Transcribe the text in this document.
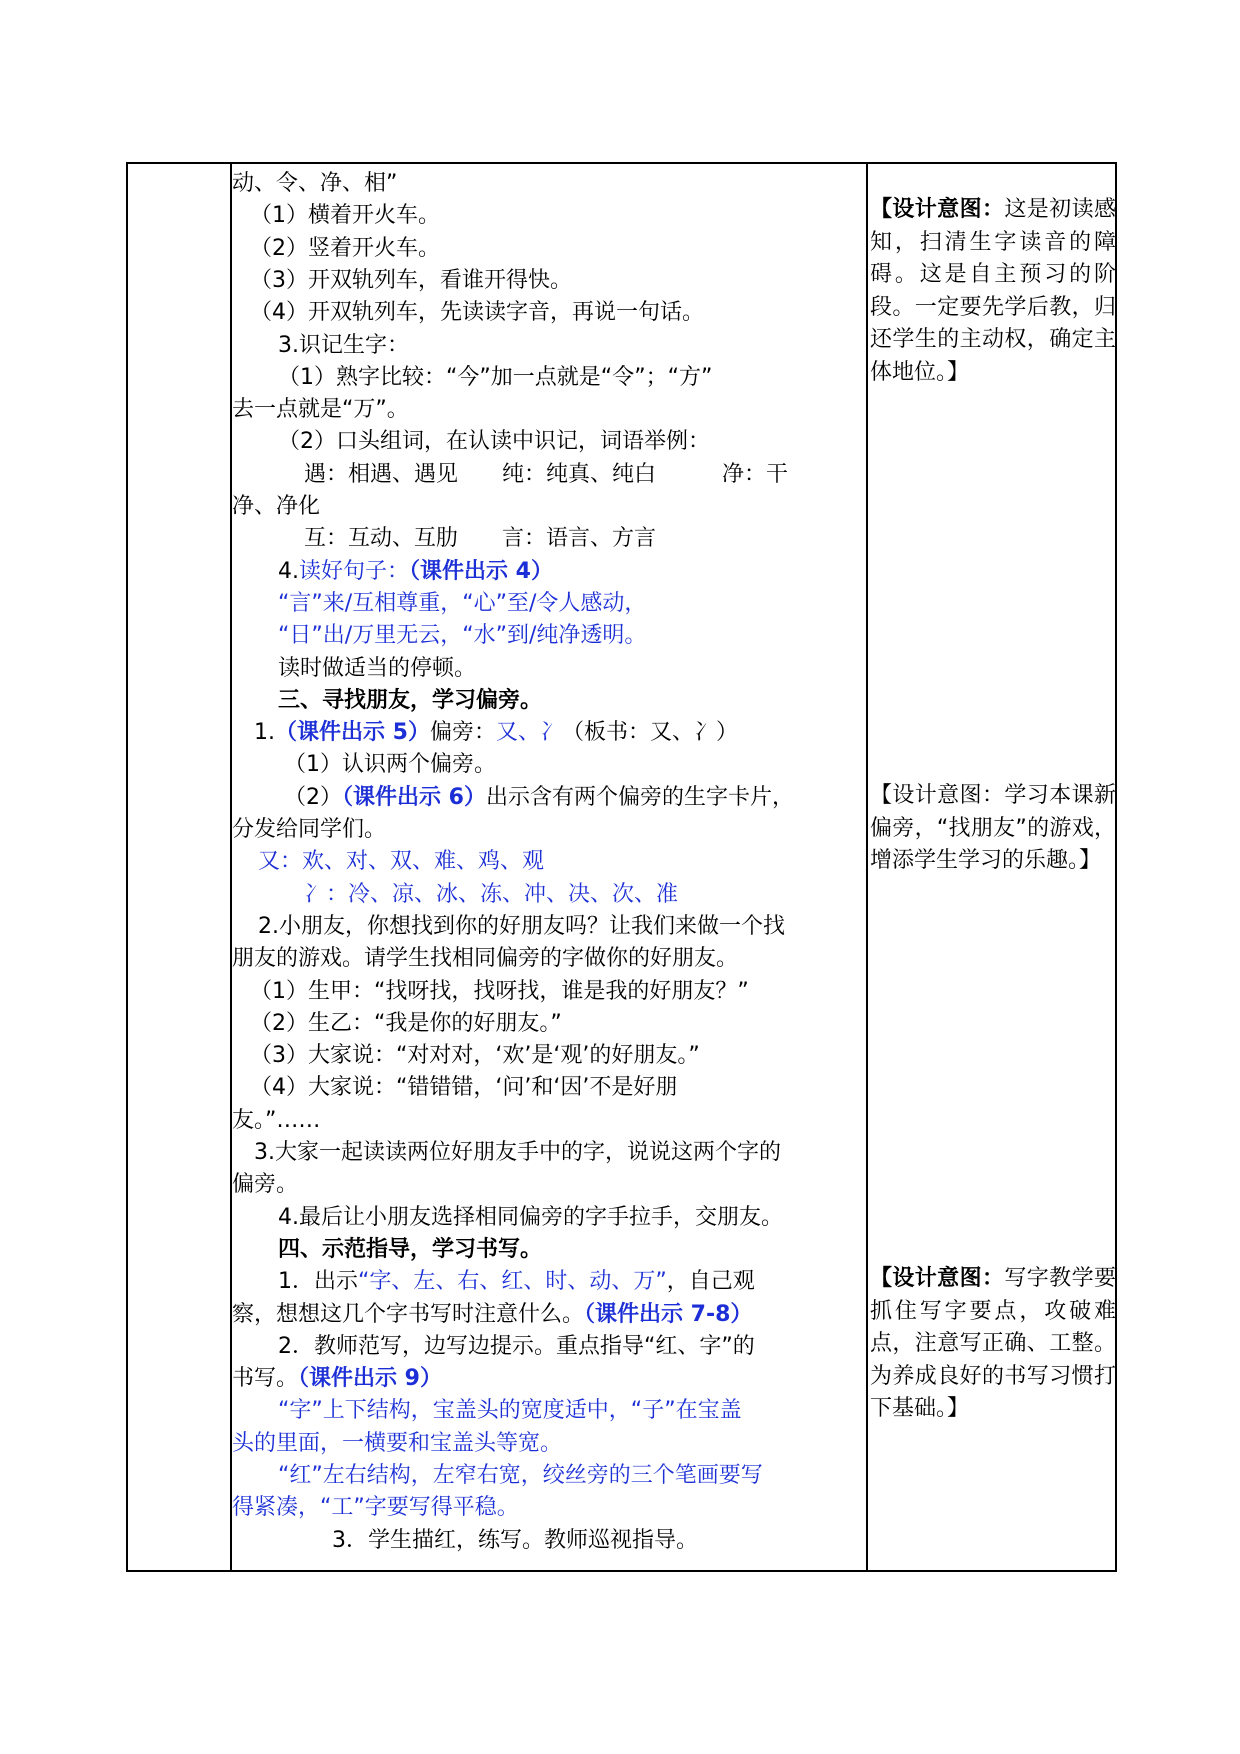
动、令、净、相”
（1）横着开火车。
（2）竖着开火车。
（3）开双轨列车，看谁开得快。
（4）开双轨列车，先读读字音，再说一句话。
3.识记生字：
（1）熟字比较：“今”加一点就是“令”；“方”
去一点就是“万”。
（2）口头组词，在认读中识记，词语举例：
遇：相遇、遇见　　纯：纯真、纯白　　　净：干
净、净化
互：互动、互肋　　言：语言、方言
4.读好句子：（课件出示 4）
“言”来/互相尊重，“心”至/令人感动，
“日”出/万里无云，“水”到/纯净透明。
读时做适当的停顿。
三、寻找朋友，学习偏旁。
1.（课件出示 5）偏旁：又、冫（板书：又、冫）
（1）认识两个偏旁。
（2）（课件出示 6）出示含有两个偏旁的生字卡片，
分发给同学们。
又：欢、对、双、难、鸡、观
冫：冷、凉、冰、冻、冲、决、次、准
2.小朋友，你想找到你的好朋友吗？让我们来做一个找
朋友的游戏。请学生找相同偏旁的字做你的好朋友。
（1）生甲：“找呀找，找呀找，谁是我的好朋友？”
（2）生乙：“我是你的好朋友。”
（3）大家说：“对对对，‘欢’是‘观’的好朋友。”
（4）大家说：“错错错，‘问’和‘因’不是好朋
友。”……
3.大家一起读读两位好朋友手中的字，说说这两个字的
偏旁。
4.最后让小朋友选择相同偏旁的字手拉手，交朋友。
四、示范指导，学习书写。
1．出示“字、左、右、红、时、动、万”，自己观
察，想想这几个字书写时注意什么。（课件出示 7-8）
2．教师范写，边写边提示。重点指导“红、字”的
书写。（课件出示 9）
“字”上下结构，宝盖头的宽度适中，“子”在宝盖
头的里面，一横要和宝盖头等宽。
“红”左右结构，左窄右宽，绞丝旁的三个笔画要写
得紧凑，“工”字要写得平稳。
3．学生描红，练写。教师巡视指导。
【设计意图：这是初读感知，扫清生字读音的障碍。这是自主预习的阶段。一定要先学后教，归还学生的主动权，确定主体地位。】
【设计意图：学习本课新偏旁，“找朋友”的游戏，增添学生学习的乐趣。】
【设计意图：写字教学要抓住写字要点，攻破难点，注意写正确、工整。为养成良好的书写习惯打下基础。】
